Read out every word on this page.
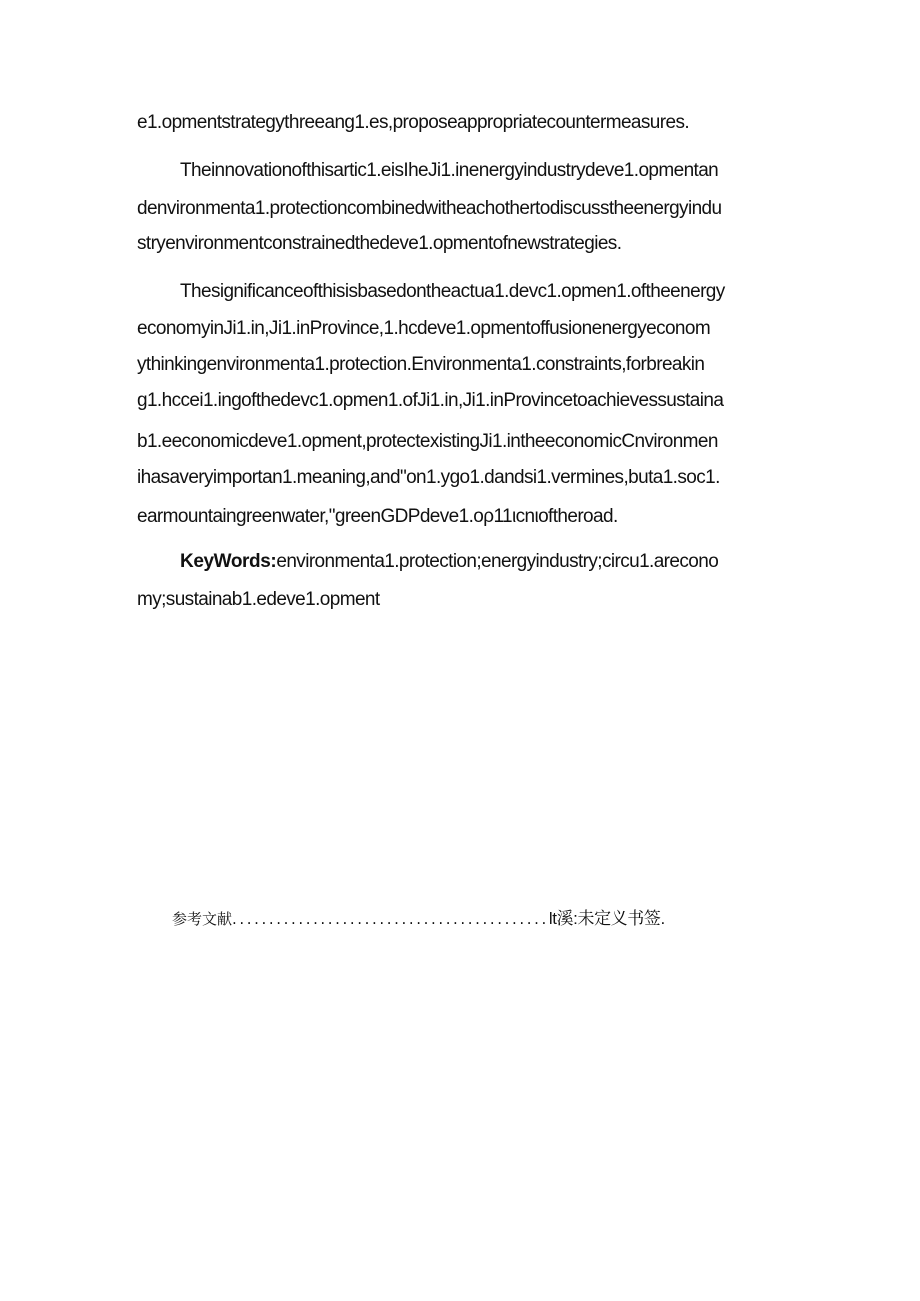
e1.opmentstrategythreeang1.es,proposeappropriatecountermeasures.
Theinnovationofthisartic1.eisIheJi1.inenergyindustrydeve1.opmentan
denvironmenta1.protectioncombinedwitheachothertodiscusstheenergyindu
stryenvironmentconstrainedthedeve1.opmentofnewstrategies.
Thesignificanceofthisisbasedontheactua1.devc1.opmen1.oftheenergy
economyinJi1.in,Ji1.inProvince,1.hcdeve1.opmentoffusionenergyeconom
ythinkingenvironmenta1.protection.Environmenta1.constraints,forbreakin
g1.hccei1.ingofthedevc1.opmen1.ofJi1.in,Ji1.inProvincetoachievessustaina
b1.eeconomicdeve1.opment,protectexistingJi1.intheeconomicCnvironmen
ihasaveryimportan1.meaning,and"on1.ygo1.dandsi1.vermines,buta1.soc1.
earmountaingreenwater,"greenGDPdeve1.ορ11ιcnιoftheroad.
KeyWords:environmenta1.protection;energyindustry;circu1.arecono
my;sustainab1.edeve1.opment
参考文献...........................................lt溪:未定义书签.
